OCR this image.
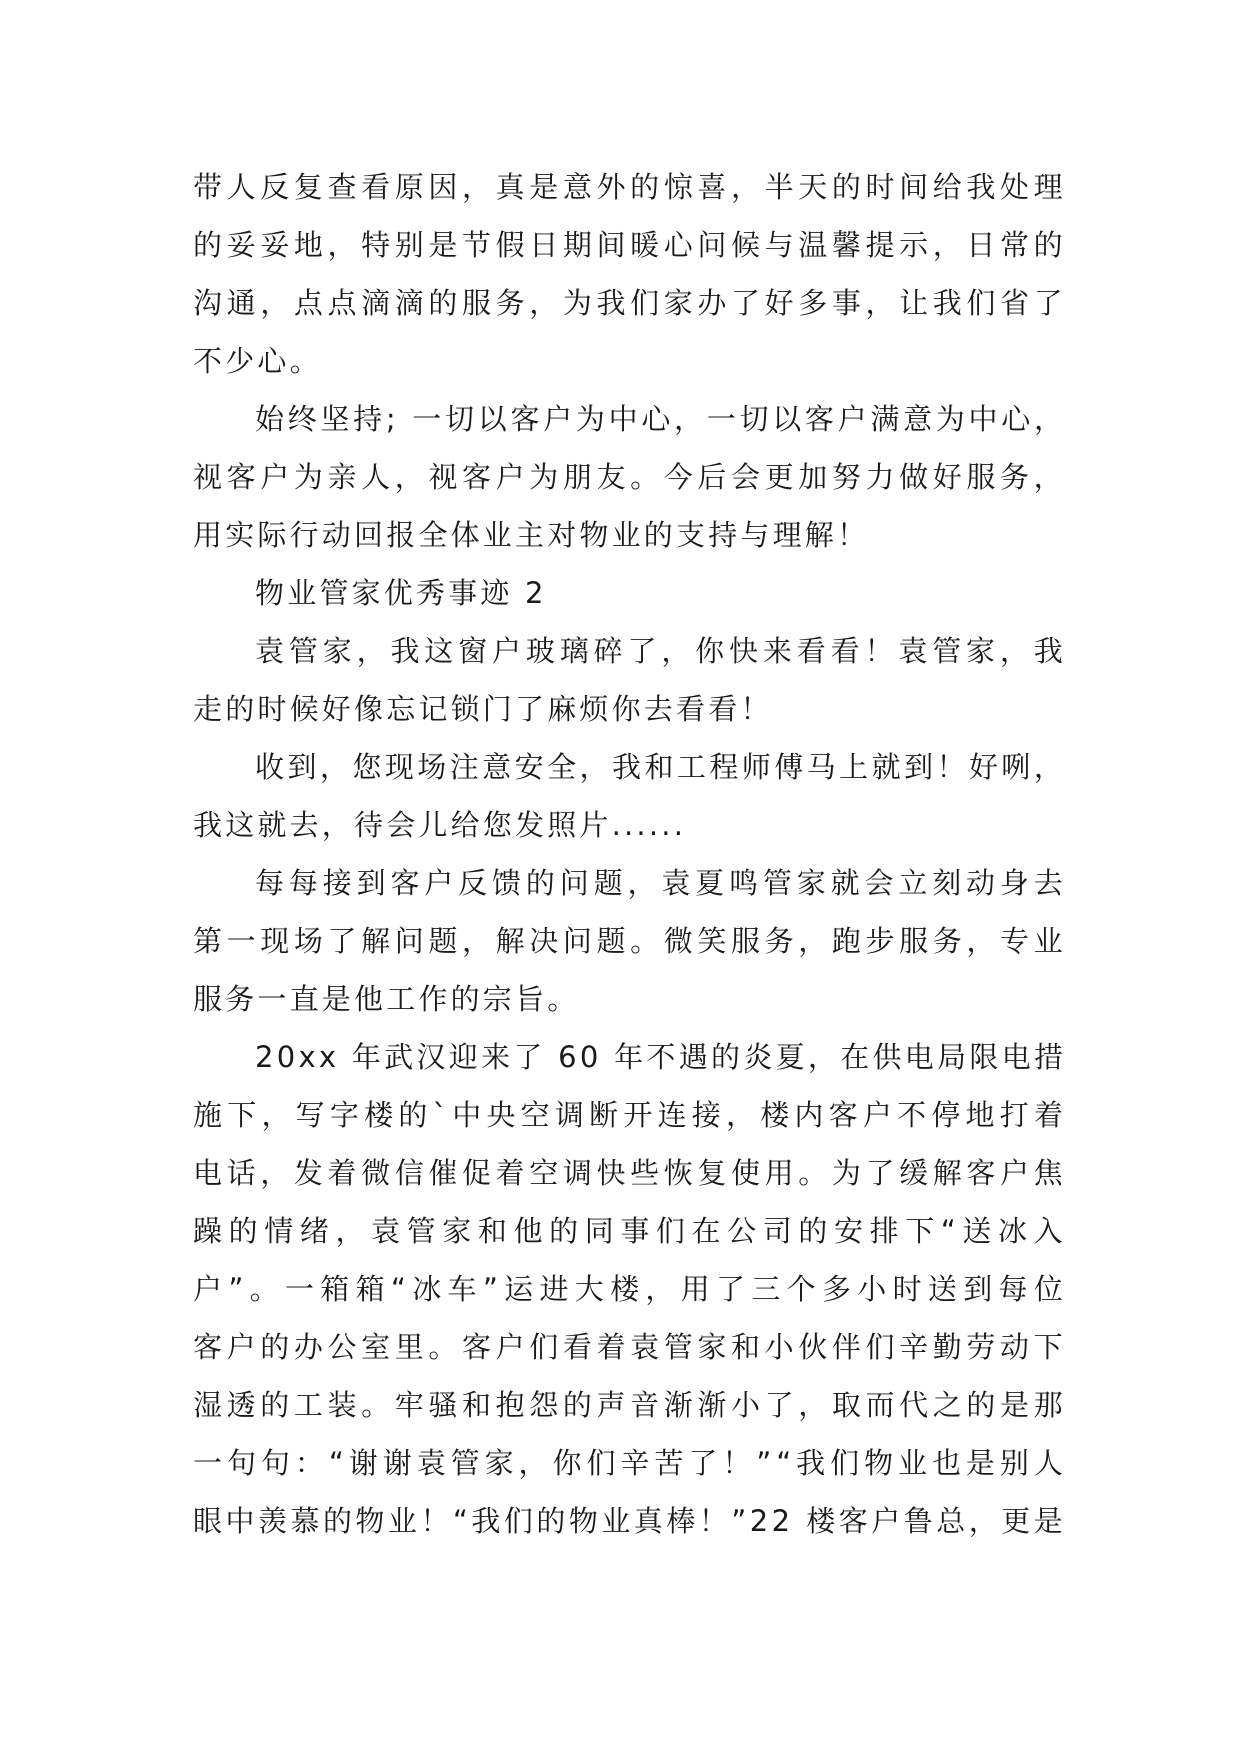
带 人 反 复 查 看 原 因 ， 真 是 意 外 的 惊 喜 ， 半 天 的 时 间 给 我 处 理
的 妥 妥 地 ， 特 别 是 节 假 日 期 间 暖 心 问 候 与 温 馨 提 示 ， 日 常 的
沟 通 ， 点 点 滴 滴 的 服 务 ， 为 我 们 家 办 了 好 多 事 ， 让 我 们 省 了
不少心。
始 终 坚 持 ;
一 切 以 客 户 为 中 心 ， 一 切 以 客 户 满 意 为 中 心 ，
视 客 户 为 亲 人 ， 视 客 户 为 朋 友 。 今 后 会 更 加 努 力 做 好 服 务 ，
用实际行动回报全体业主对物业的支持与理解！
物业管家优秀事迹 2
袁 管 家 ， 我 这 窗 户 玻 璃 碎 了 ， 你 快 来 看 看 ！ 袁 管 家 ， 我
走的时候好像忘记锁门了麻烦你去看看！
收 到 ， 您 现 场 注 意 安 全 ， 我 和 工 程 师 傅 马 上 就 到 ！ 好 咧 ，
我这就去，待会儿给您发照片......
每 每 接 到 客 户 反 馈 的 问 题 ， 袁 夏 鸣 管 家 就 会 立 刻 动 身 去
第 一 现 场 了 解 问 题 ， 解 决 问 题 。 微 笑 服 务 ， 跑 步 服 务 ， 专 业
服务一直是他工作的宗旨。
2 0 x x
年 武 汉 迎 来 了
6 0
年 不 遇 的 炎 夏 ， 在 供 电 局 限 电 措
施 下 ， 写 字 楼 的 ` 中 央 空 调 断 开 连 接 ， 楼 内 客 户 不 停 地 打 着
电 话 ， 发 着 微 信 催 促 着 空 调 快 些 恢 复 使 用 。 为 了 缓 解 客 户 焦
躁 的 情 绪 ， 袁 管 家 和 他 的 同 事 们 在 公 司 的 安 排 下 “ 送 冰 入
户 ” 。 一 箱 箱 “ 冰 车 ” 运 进 大 楼 ， 用 了 三 个 多 小 时 送 到 每 位
客 户 的 办 公 室 里 。 客 户 们 看 着 袁 管 家 和 小 伙 伴 们 辛 勤 劳 动 下
湿 透 的 工 装 。 牢 骚 和 抱 怨 的 声 音 渐 渐 小 了 ， 取 而 代 之 的 是 那
一 句 句 ： “ 谢 谢 袁 管 家 ， 你 们 辛 苦 了 ！ ” “ 我 们 物 业 也 是 别 人
眼 中 羡 慕 的 物 业 ！ “ 我 们 的 物 业 真 棒 ！ ” 2 2
楼 客 户 鲁 总 ， 更 是
